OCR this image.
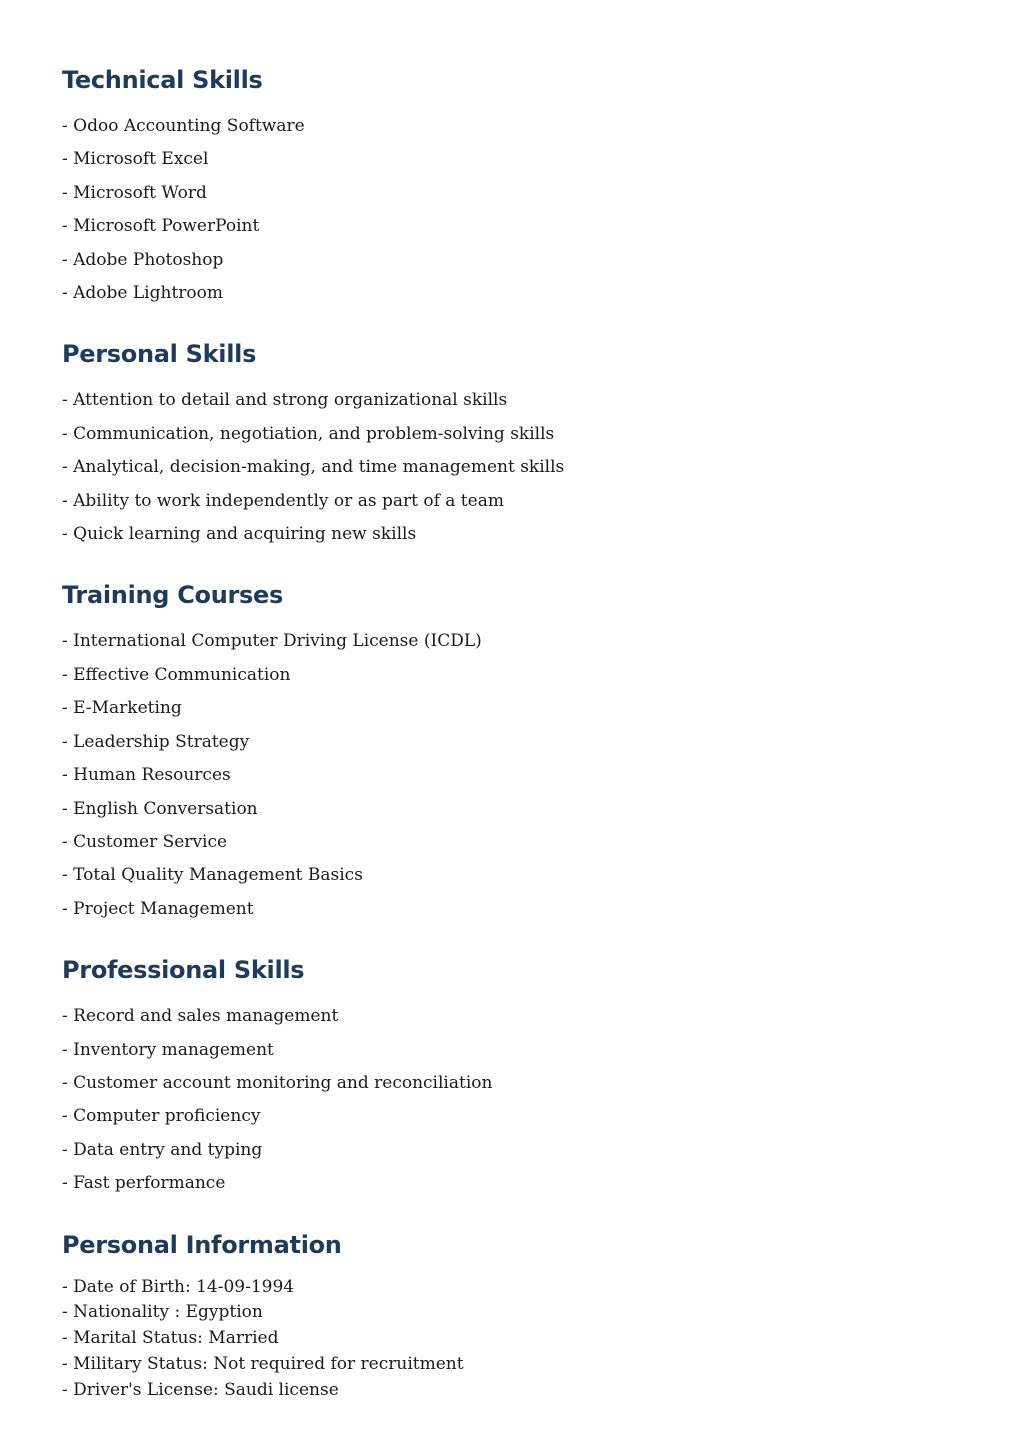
Technical Skills
- Odoo Accounting Software
- Microsoft Excel
- Microsoft Word
- Microsoft PowerPoint
- Adobe Photoshop
- Adobe Lightroom
Personal Skills
- Attention to detail and strong organizational skills
- Communication, negotiation, and problem-solving skills
- Analytical, decision-making, and time management skills
- Ability to work independently or as part of a team
- Quick learning and acquiring new skills
Training Courses
- International Computer Driving License (ICDL)
- Effective Communication
- E-Marketing
- Leadership Strategy
- Human Resources
- English Conversation
- Customer Service
- Total Quality Management Basics
- Project Management
Professional Skills
- Record and sales management
- Inventory management
- Customer account monitoring and reconciliation
- Computer proficiency
- Data entry and typing
- Fast performance
Personal Information
- Date of Birth: 14-09-1994
- Nationality : Egyption
- Marital Status: Married
- Military Status: Not required for recruitment
- Driver's License: Saudi license
